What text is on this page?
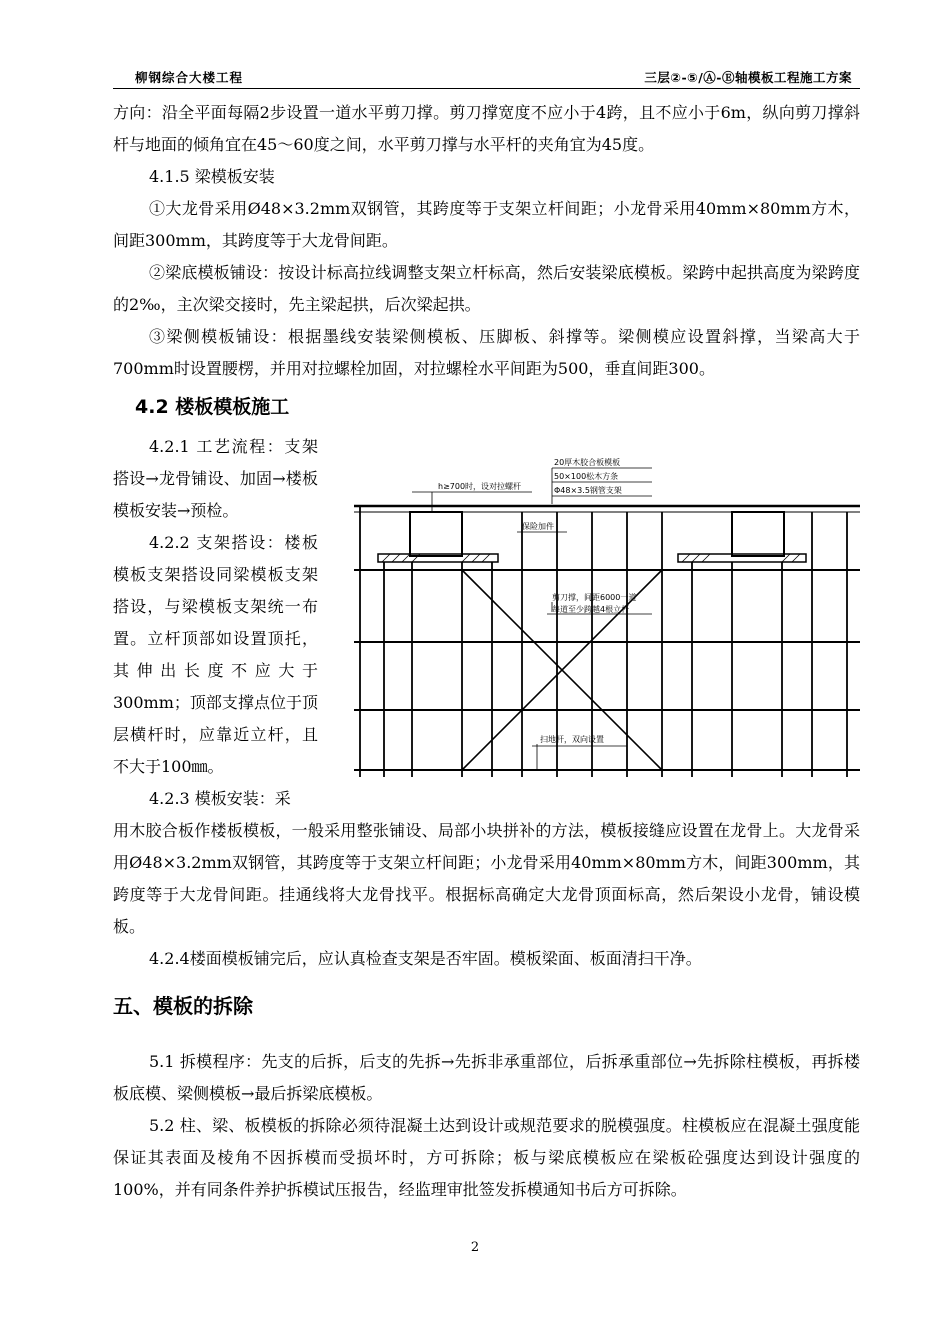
柳钢综合大楼工程	三层②-⑤/Ⓐ-Ⓔ轴模板工程施工方案
方向：沿全平面每隔2步设置一道水平剪刀撑。剪刀撑宽度不应小于4跨，且不应小于6m，纵向剪刀撑斜杆与地面的倾角宜在45～60度之间，水平剪刀撑与水平杆的夹角宜为45度。
4.1.5 梁模板安装
①大龙骨采用Ø48×3.2mm双钢管，其跨度等于支架立杆间距；小龙骨采用40mm×80mm方木，间距300mm，其跨度等于大龙骨间距。
②梁底模板铺设：按设计标高拉线调整支架立杆标高，然后安装梁底模板。梁跨中起拱高度为梁跨度的2‰，主次梁交接时，先主梁起拱，后次梁起拱。
③梁侧模板铺设：根据墨线安装梁侧模板、压脚板、斜撑等。梁侧模应设置斜撑，当梁高大于700mm时设置腰楞，并用对拉螺栓加固，对拉螺栓水平间距为500，垂直间距300。
4.2 楼板模板施工
4.2.1 工艺流程：支架搭设→龙骨铺设、加固→楼板模板安装→预检。
4.2.2 支架搭设：楼板模板支架搭设同梁模板支架搭设，与梁模板支架统一布置。立杆顶部如设置顶托，其伸出长度不应大于300mm；顶部支撑点位于顶层横杆时，应靠近立杆，且不大于100㎜。
4.2.3 模板安装：采
用木胶合板作楼板模板，一般采用整张铺设、局部小块拼补的方法，模板接缝应设置在龙骨上。大龙骨采用Ø48×3.2mm双钢管，其跨度等于支架立杆间距；小龙骨采用40mm×80mm方木，间距300mm，其跨度等于大龙骨间距。挂通线将大龙骨找平。根据标高确定大龙骨顶面标高，然后架设小龙骨，铺设模板。
4.2.4楼面模板铺完后，应认真检查支架是否牢固。模板梁面、板面清扫干净。
五、模板的拆除
5.1 拆模程序：先支的后拆，后支的先拆→先拆非承重部位，后拆承重部位→先拆除柱模板，再拆楼板底模、梁侧模板→最后拆梁底模板。
5.2 柱、梁、板模板的拆除必须待混凝土达到设计或规范要求的脱模强度。柱模板应在混凝土强度能保证其表面及棱角不因拆模而受损坏时，方可拆除；板与梁底模板应在梁板砼强度达到设计强度的100%，并有同条件养护拆模试压报告，经监理审批签发拆模通知书后方可拆除。
20厚木胶合板模板
50×100松木方条
Φ48×3.5钢管支架
h≥700时，设对拉螺杆
保险加件
剪刀撑，间距6000一道
每道至少跨越4根立杆
扫地杆，双向设置
2
